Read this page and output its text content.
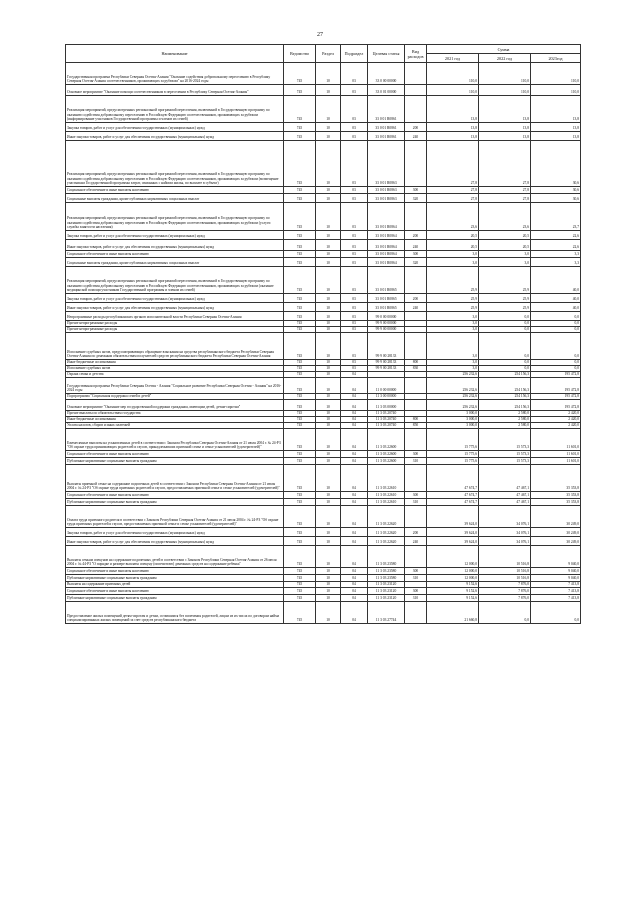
27
Наименование	Ведомство	Раздел	Подраздел	Целевая статья	Вид расходов	Сумма		
						2021 год	2022 год	2023год
Государственная программа Республики Северная Осетия-Алания "Оказание содействия добровольному переселению в Республику Северная Осетия-Алания соотечественников, проживающих за рубежом" на 2016-2024 годы	745	10	03	33 0 00 00000		110,0	110,0	110,0
Основное мероприятие "Оказание помощи соотечественникам в переселении в Республику Северная Осетия-Алания"	745	10	03	33 0 01 00000		110,0	110,0	110,0
Реализация мероприятий, предусмотренных региональной программой переселения, включенной в Государственную программу по оказанию содействия добровольному переселению в Российскую Федерацию соотечественников, проживающих за рубежом (информирование участников Государственной программы и членов их семей)	745	10	03	33 0 01 R0861		13,8	13,8	13,8
Закупка товаров, работ и услуг для обеспечения государственных (муниципальных) нужд	745	10	03	33 0 01 R0861	200	13,8	13,8	13,8
Иные закупки товаров, работ и услуг для обеспечения государственных (муниципальных) нужд	745	10	03	33 0 01 R0861	240	13,8	13,8	13,8
Реализация мероприятий, предусмотренных региональной программой переселения, включенной в Государственную программу по оказанию содействия добровольному переселению в Российскую Федерацию соотечественников, проживающих за рубежом (возмещение участникам Государственной программы затрат, связанных с наймом жилья, по выплате в субъект)	745	10	03	33 0 01 R0863		27,8	27,8	30,6
Социальное обеспечение и иные выплаты населению	745	10	03	33 0 01 R0863	300	27,8	27,8	30,6
Социальные выплаты гражданам, кроме публичных нормативных социальных выплат	745	10	03	33 0 01 R0863	320	27,8	27,8	30,6
Реализация мероприятий, предусмотренных региональной программой переселения, включенной в Государственную программу по оказанию содействия добровольному переселению в Российскую Федерацию соотечественников, проживающих за рубежом (услуги службы занятости населения)	745	10	03	33 0 01 R0864		23,6	23,6	23,7
Закупка товаров, работ и услуг для обеспечения государственных (муниципальных) нужд	745	10	03	33 0 01 R0864	200	20,5	20,5	22,6
Иные закупки товаров, работ и услуг для обеспечения государственных (муниципальных) нужд	745	10	03	33 0 01 R0864	240	20,5	20,5	22,6
Социальное обеспечение и иные выплаты населению	745	10	03	33 0 01 R0864	300	3,0	3,0	3,3
Социальные выплаты гражданам, кроме публичных нормативных социальных выплат	745	10	03	33 0 01 R0864	320	3,0	3,0	3,3
Реализация мероприятий, предусмотренных региональной программой переселения, включенной в Государственную программу по оказанию содействия добровольному переселению в Российскую Федерацию соотечественников, проживающих за рубежом (оказание медицинской помощи участникам Государственной программы и членам их семей)	745	10	03	33 0 01 R0865		25,9	25,9	40,0
Закупка товаров, работ и услуг для обеспечения государственных (муниципальных) нужд	745	10	03	33 0 01 R0865	200	25,9	25,9	40,0
Иные закупки товаров, работ и услуг для обеспечения государственных (муниципальных) нужд	745	10	03	33 0 01 R0865	240	25,9	25,9	40,0
Непрограммные расходы республиканских органов исполнительной власти Республики Северная Осетия-Алания	745	10	03	99 0 00 00000		3,0	0,0	0,0
Прочие непрограммные расходы	745	10	03	99 9 00 00000		3,0	0,0	0,0
Прочие непрограммные расходы	745	10	03	99 9 00 00000		3,0	0,0	0,0
Исполнение судебных актов, предусматривающих обращение взыскания на средства республиканского бюджета Республики Северная Осетия-Алания по денежным обязательствам получателей средств республиканского бюджета Республики Северная Осетия-Алания	745	10	03	99 9 00 28133		3,0	0,0	0,0
Иные бюджетные ассигнования	745	10	03	99 9 00 28133	800	3,0	0,0	0,0
Исполнение судебных актов	745	10	03	99 9 00 28133	830	3,0	0,0	0,0
Охрана семьи и детства	745	10	04			256 232,6	254 156,3	195 472,8
Государственная программа Республики Северная Осетия - Алания "Социальное развитие Республики Северная Осетия - Алания" на 2016-2024 годы	745	10	04	11 0 00 00000		256 232,6	254 156,3	195 472,8
Подпрограмма "Социальная поддержка семей и детей"	745	10	04	11 3 00 00000		256 232,6	254 156,3	195 472,8
Основное мероприятие "Оказание мер государственной поддержки гражданам, имеющим детей, детям-сиротам"	745	10	04	11 3 03 00000		256 232,6	254 156,3	195 472,8
Прочие выплаты по обязательствам государства	745	10	04	11 3 03 20740		3 000,0	2 580,0	2 420,0
Иные бюджетные ассигнования	745	10	04	11 3 03 20740	800	3 000,0	2 580,0	2 420,0
Уплата налогов, сборов и иных платежей	745	10	04	11 3 03 20740	850	3 000,0	2 580,0	2 420,0
Ежемесячные выплаты на усыновленных детей в соответствии с Законом Республики Северная Осетия-Алания от 21 июля 2004 г. № 24-РЗ "Об охране труда принимающих родителей и гаусов, принадлежавших приемной семье и семье усыновителей (удочерителей)"	745	10	04	11 3 03 22600		15 775,6	15 573,3	11 601,0
Социальное обеспечение и иные выплаты населению	745	10	04	11 3 03 22600	300	15 775,6	15 573,3	11 601,0
Публичные нормативные социальные выплаты гражданам	745	10	04	11 3 03 22600	310	15 775,6	15 573,3	11 601,0
Выплаты приемной семье на содержание подопечных детей в соответствии с Законом Республики Северная Осетия-Алания от 21 июля 2004 г. № 24-РЗ "Об охране труда приемных родителей и гаусов, предоставляемых приемной семье и семье усыновителей (удочерителей)"	745	10	04	11 3 03 22610		47 674,7	47 467,1	35 353,8
Социальное обеспечение и иные выплаты населению	745	10	04	11 3 03 22610	300	47 674,7	47 467,1	35 353,8
Публичные нормативные социальные выплаты гражданам	745	10	04	11 3 03 22610	310	47 674,7	47 467,1	35 353,8
Оплата труда приемного родителя в соответствии с Законом Республики Северная Осетия-Алания от 21 июля 2004 г. № 24-РЗ "Об охране труда приемных родителей и гаусов, предоставляемых приемной семье и семье усыновителей (удочерителей)"	745	10	04	11 3 03 22620		39 624,0	34 076,1	30 249,0
Закупка товаров, работ и услуг для обеспечения государственных (муниципальных) нужд	745	10	04	11 3 03 22620	200	39 624,0	34 076,1	30 249,0
Иные закупки товаров, работ и услуг для обеспечения государственных (муниципальных) нужд	745	10	04	11 3 03 22620	240	39 624,0	34 076,1	30 249,0
Выплаты семьям опекунов на содержание подопечных детей в соответствии с Законом Республики Северная Осетия-Алания от 26 июля 2004 г. № 44-РЗ "О порядке и размере выплаты опекуну (попечителю) денежных средств на содержание ребенка"	745	10	04	11 3 03 23580		12 000,0	10 516,8	9 040,0
Социальное обеспечение и иные выплаты населению	745	10	04	11 3 03 23580	300	12 000,0	10 516,8	9 040,0
Публичные нормативные социальные выплаты гражданам	745	10	04	11 3 03 23580	310	12 000,0	10 516,8	9 040,0
Выплаты на содержание приемных детей	745	10	04	11 3 03 23120		9 152,6	7 876,0	7 413,8
Социальное обеспечение и иные выплаты населению	745	10	04	11 3 03 23120	300	9 152,6	7 876,0	7 413,8
Публичные нормативные социальные выплаты гражданам	745	10	04	11 3 03 23120	310	9 152,6	7 876,0	7 413,8
Предоставление жилых помещений детям-сиротам и детям, оставшимся без попечения родителей, лицам из их числа по договорам найма специализированных жилых помещений за счет средств республиканского бюджета	745	10	04	11 3 03 27744		21 660,8	0,0	0,0
